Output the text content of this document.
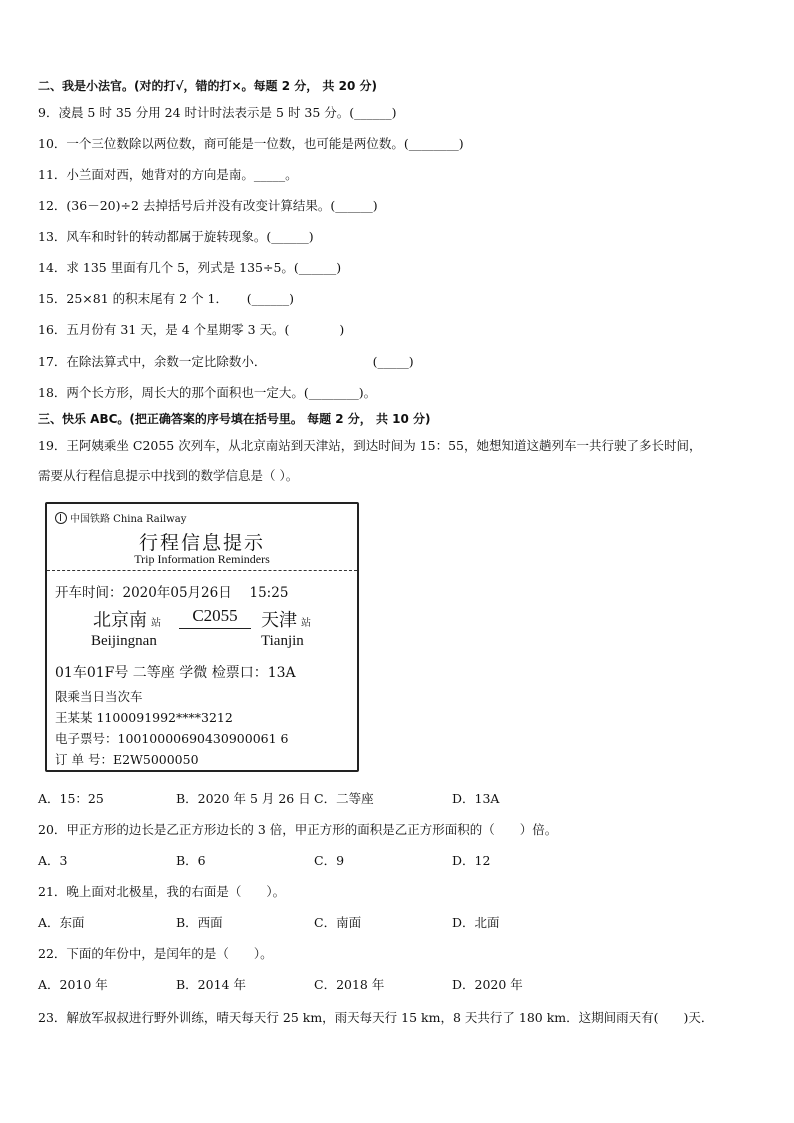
二、我是小法官。(对的打√，错的打×。每题 2 分， 共 20 分)
9．凌晨 5 时 35 分用 24 时计时法表示是 5 时 35 分。(______)
10．一个三位数除以两位数，商可能是一位数，也可能是两位数。(________)
11．小兰面对西，她背对的方向是南。_____。
12．(36－20)÷2 去掉括号后并没有改变计算结果。(______)
13．风车和时针的转动都属于旋转现象。(______)
14．求 135 里面有几个 5，列式是 135÷5。(______)
15．25×81 的积末尾有 2 个 1．　　(______)
16．五月份有 31 天，是 4 个星期零 3 天。(　　　　)
17．在除法算式中，余数一定比除数小．　　　　　　　　　(_____)
18．两个长方形，周长大的那个面积也一定大。(________)。
三、快乐 ABC。(把正确答案的序号填在括号里。 每题 2 分， 共 10 分)
19．王阿姨乘坐 C2055 次列车，从北京南站到天津站，到达时间为 15：55，她想知道这趟列车一共行驶了多长时间，
需要从行程信息提示中找到的数学信息是（ ）。
中国铁路 China Railway
行程信息提示
Trip Information Reminders
开车时间：2020年05月26日　 15:25
北京南 站
Beijingnan
C2055	天津 站
Tianjin
01车01F号 二等座 学微 检票口：13A
限乘当日当次车
王某某 1100091992****3212
电子票号：10010000690430900061 6
订 单 号：E2W5000050
A．15：25	B．2020 年 5 月 26 日 C．二等座	D．13A
20．甲正方形的边长是乙正方形边长的 3 倍，甲正方形的面积是乙正方形面积的（　　）倍。
A．3	B．6	C．9	D．12
21．晚上面对北极星，我的右面是（　　）。
A．东面	B．西面	C．南面	D．北面
22．下面的年份中，是闰年的是（　　）。
A．2010 年	B．2014 年	C．2018 年	D．2020 年
23．解放军叔叔进行野外训练，晴天每天行 25 km，雨天每天行 15 km，8 天共行了 180 km．这期间雨天有(　　)天．
